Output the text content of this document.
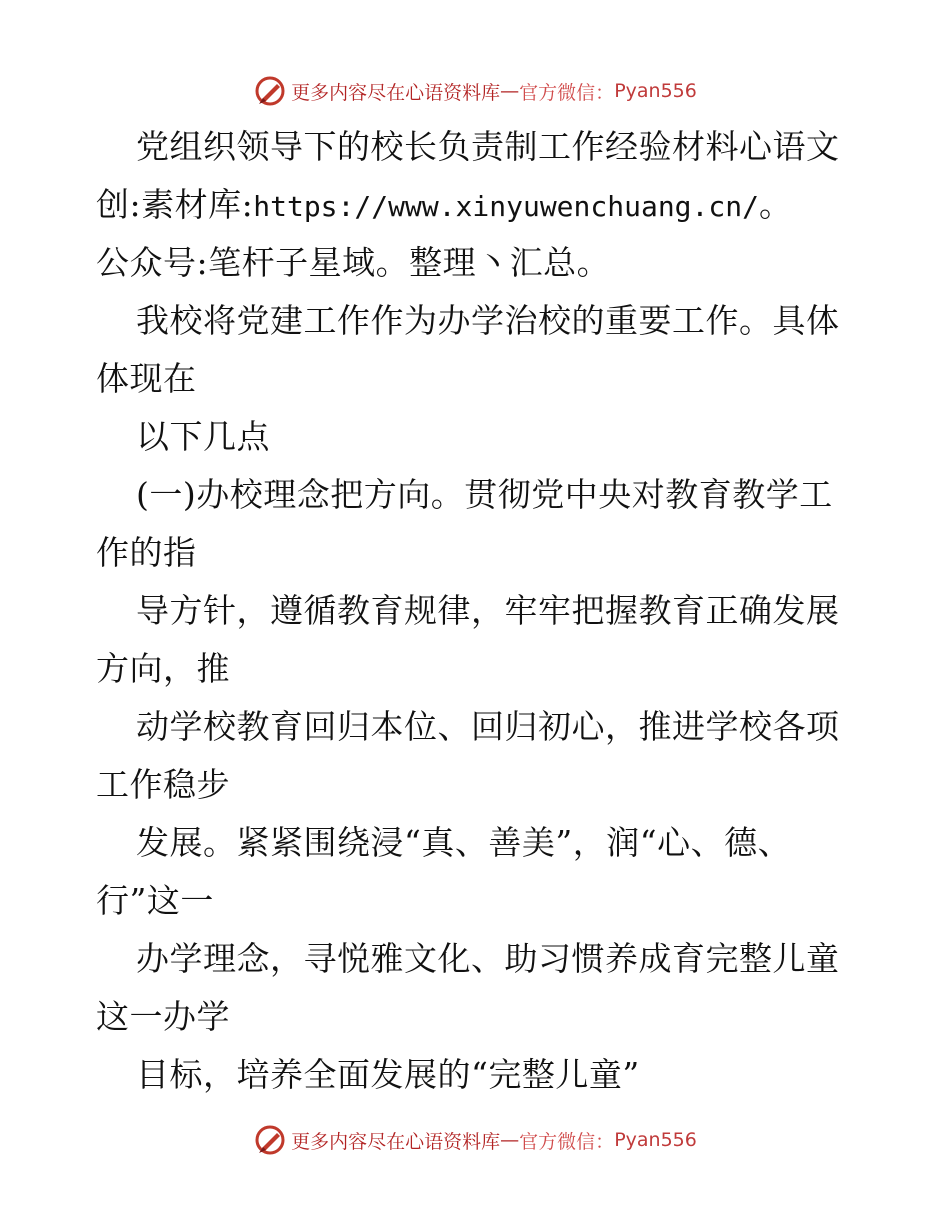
更多内容尽在心语资料库 — 官方微信： Pyan556
党组织领导下的校长负责制工作经验材料心语文
创:素材库:https://www.xinyuwenchuang.cn/。
公众号:笔杆子星域。整理丶汇总。
我校将党建工作作为办学治校的重要工作。具体
体现在
以下几点
(一)办校理念把方向。贯彻党中央对教育教学工
作的指
导方针，遵循教育规律，牢牢把握教育正确发展
方向，推
动学校教育回归本位、回归初心，推进学校各项
工作稳步
发展。紧紧围绕浸“真、善美”，润“心、德、
行”这一
办学理念，寻悦雅文化、助习惯养成育完整儿童
这一办学
目标，培养全面发展的“完整儿童”
更多内容尽在心语资料库 — 官方微信： Pyan556
